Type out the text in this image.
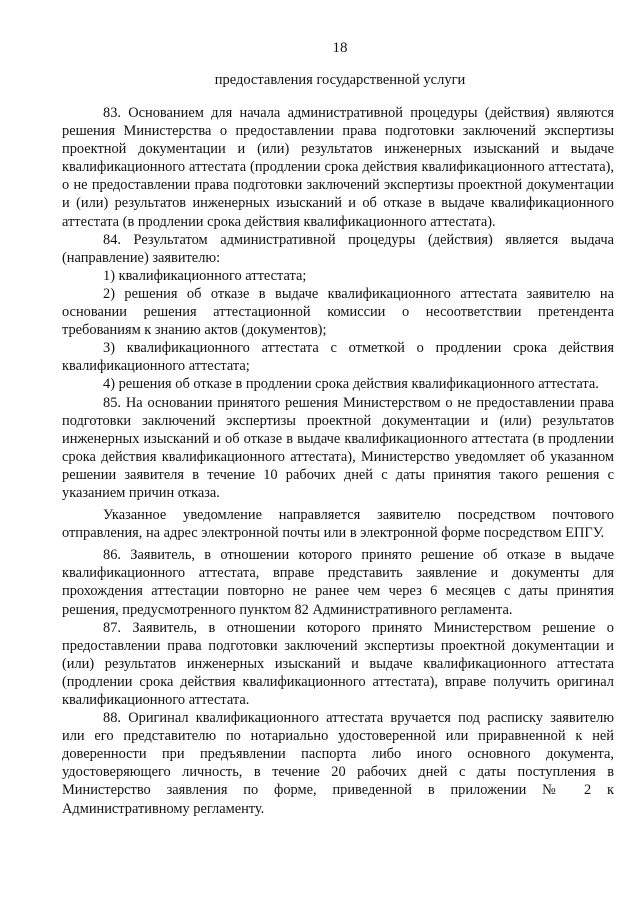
18
предоставления государственной услуги

83. Основанием для начала административной процедуры (действия) являются решения Министерства о предоставлении права подготовки заключений экспертизы проектной документации и (или) результатов инженерных изысканий и выдаче квалификационного аттестата (продлении срока действия квалификационного аттестата), о не предоставлении права подготовки заключений экспертизы проектной документации и (или) результатов инженерных изысканий и об отказе в выдаче квалификационного аттестата (в продлении срока действия квалификационного аттестата).

84. Результатом административной процедуры (действия) является выдача (направление) заявителю:

1) квалификационного аттестата;

2) решения об отказе в выдаче квалификационного аттестата заявителю на основании решения аттестационной комиссии о несоответствии претендента требованиям к знанию актов (документов);

3) квалификационного аттестата с отметкой о продлении срока действия квалификационного аттестата;

4) решения об отказе в продлении срока действия квалификационного аттестата.

85. На основании принятого решения Министерством о не предоставлении права подготовки заключений экспертизы проектной документации и (или) результатов инженерных изысканий и об отказе в выдаче квалификационного аттестата (в продлении срока действия квалификационного аттестата), Министерство уведомляет об указанном решении заявителя в течение 10 рабочих дней с даты принятия такого решения с указанием причин отказа.

Указанное уведомление направляется заявителю посредством почтового отправления, на адрес электронной почты или в электронной форме посредством ЕПГУ.

86. Заявитель, в отношении которого принято решение об отказе в выдаче квалификационного аттестата, вправе представить заявление и документы для прохождения аттестации повторно не ранее чем через 6 месяцев с даты принятия решения, предусмотренного пунктом 82 Административного регламента.

87. Заявитель, в отношении которого принято Министерством решение о предоставлении права подготовки заключений экспертизы проектной документации и (или) результатов инженерных изысканий и выдаче квалификационного аттестата (продлении срока действия квалификационного аттестата), вправе получить оригинал квалификационного аттестата.

88. Оригинал квалификационного аттестата вручается под расписку заявителю или его представителю по нотариально удостоверенной или приравненной к ней доверенности при предъявлении паспорта либо иного основного документа, удостоверяющего личность, в течение 20 рабочих дней с даты поступления в Министерство заявления по форме, приведенной в приложении № 2 к Административному регламенту.
